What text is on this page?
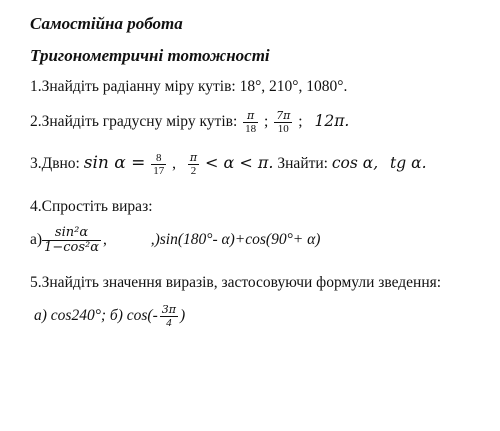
Самостійна робота
Тригонометричні тотожності
1.Знайдіть радіанну міру кутів: 18°, 210°, 1080°.
2.Знайдіть градусну міру кутів: $\frac{\pi}{18}$ ; $\frac{7\pi}{10}$ ; 12π.
3.Двно: $\sin \alpha = \frac{8}{17}$ , $\frac{\pi}{2} < \alpha < \pi$. Знайти: cos α, tg α.
4.Спростіть вираз:
$а) \frac{\text{sin²α}}{\text{1−cos²α}}$ ,	,)sin(180°- α)+cos(90°+ α)
5.Знайдіть значення виразів, застосовуючи формули зведення:
а) cos240°; б) $\cos(- \frac{3\pi}{4}$ )
